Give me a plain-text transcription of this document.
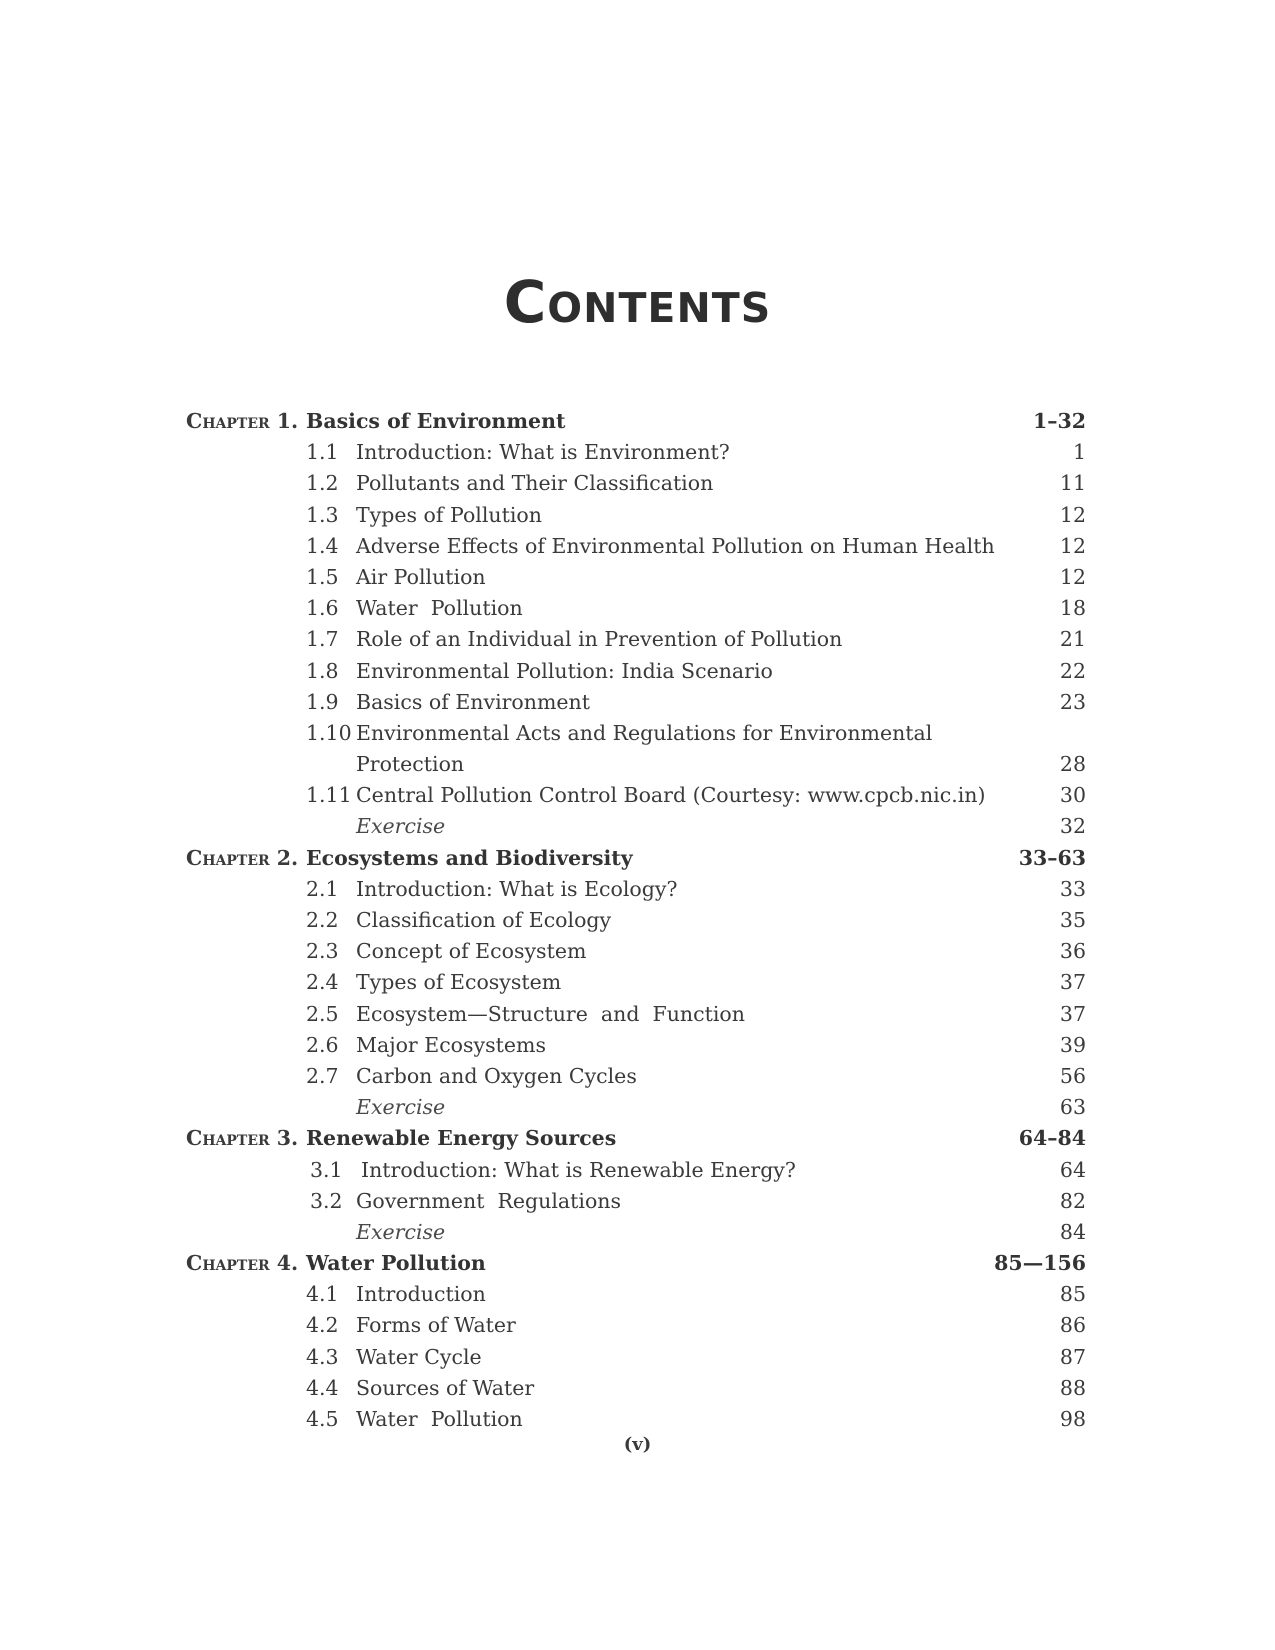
Contents
Chapter 1. Basics of Environment	1–32
1.1 Introduction: What is Environment?	1
1.2 Pollutants and Their Classification	11
1.3 Types of Pollution	12
1.4 Adverse Effects of Environmental Pollution on Human Health	12
1.5 Air Pollution	12
1.6 Water  Pollution	18
1.7 Role of an Individual in Prevention of Pollution	21
1.8 Environmental Pollution: India Scenario	22
1.9 Basics of Environment	23
1.10 Environmental Acts and Regulations for Environmental
Protection	28
1.11 Central Pollution Control Board (Courtesy: www.cpcb.nic.in)	30
Exercise	32
Chapter 2. Ecosystems and Biodiversity	33–63
2.1 Introduction: What is Ecology?	33
2.2 Classification of Ecology	35
2.3 Concept of Ecosystem	36
2.4 Types of Ecosystem	37
2.5 Ecosystem—Structure  and  Function	37
2.6 Major Ecosystems	39
2.7 Carbon and Oxygen Cycles	56
Exercise	63
Chapter 3. Renewable Energy Sources	64–84
3.1 Introduction: What is Renewable Energy?	64
3.2 Government  Regulations	82
Exercise	84
Chapter 4. Water Pollution	85—156
4.1 Introduction	85
4.2 Forms of Water	86
4.3 Water Cycle	87
4.4 Sources of Water	88
4.5 Water  Pollution	98
(v)
